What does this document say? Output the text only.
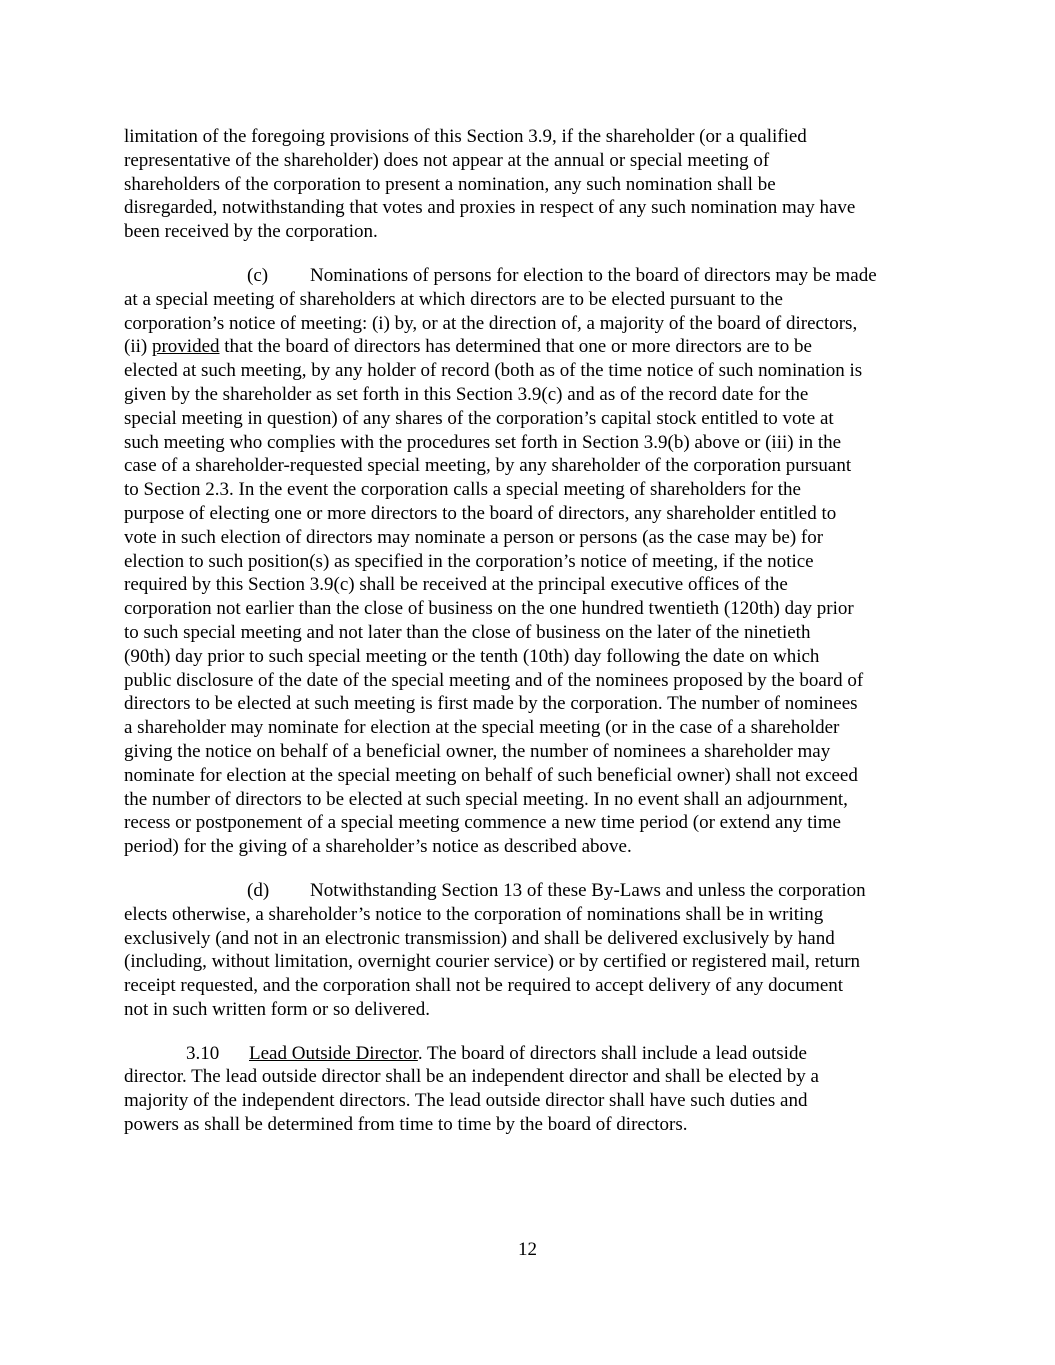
limitation of the foregoing provisions of this Section 3.9, if the shareholder (or a qualified
representative of the shareholder) does not appear at the annual or special meeting of
shareholders of the corporation to present a nomination, any such nomination shall be
disregarded, notwithstanding that votes and proxies in respect of any such nomination may have
been received by the corporation.
(c) Nominations of persons for election to the board of directors may be made
at a special meeting of shareholders at which directors are to be elected pursuant to the
corporation’s notice of meeting: (i) by, or at the direction of, a majority of the board of directors,
(ii) provided that the board of directors has determined that one or more directors are to be
elected at such meeting, by any holder of record (both as of the time notice of such nomination is
given by the shareholder as set forth in this Section 3.9(c) and as of the record date for the
special meeting in question) of any shares of the corporation’s capital stock entitled to vote at
such meeting who complies with the procedures set forth in Section 3.9(b) above or (iii) in the
case of a shareholder-requested special meeting, by any shareholder of the corporation pursuant
to Section 2.3. In the event the corporation calls a special meeting of shareholders for the
purpose of electing one or more directors to the board of directors, any shareholder entitled to
vote in such election of directors may nominate a person or persons (as the case may be) for
election to such position(s) as specified in the corporation’s notice of meeting, if the notice
required by this Section 3.9(c) shall be received at the principal executive offices of the
corporation not earlier than the close of business on the one hundred twentieth (120th) day prior
to such special meeting and not later than the close of business on the later of the ninetieth
(90th) day prior to such special meeting or the tenth (10th) day following the date on which
public disclosure of the date of the special meeting and of the nominees proposed by the board of
directors to be elected at such meeting is first made by the corporation. The number of nominees
a shareholder may nominate for election at the special meeting (or in the case of a shareholder
giving the notice on behalf of a beneficial owner, the number of nominees a shareholder may
nominate for election at the special meeting on behalf of such beneficial owner) shall not exceed
the number of directors to be elected at such special meeting. In no event shall an adjournment,
recess or postponement of a special meeting commence a new time period (or extend any time
period) for the giving of a shareholder’s notice as described above.
(d) Notwithstanding Section 13 of these By-Laws and unless the corporation
elects otherwise, a shareholder’s notice to the corporation of nominations shall be in writing
exclusively (and not in an electronic transmission) and shall be delivered exclusively by hand
(including, without limitation, overnight courier service) or by certified or registered mail, return
receipt requested, and the corporation shall not be required to accept delivery of any document
not in such written form or so delivered.
3.10 Lead Outside Director. The board of directors shall include a lead outside
director. The lead outside director shall be an independent director and shall be elected by a
majority of the independent directors. The lead outside director shall have such duties and
powers as shall be determined from time to time by the board of directors.
12
